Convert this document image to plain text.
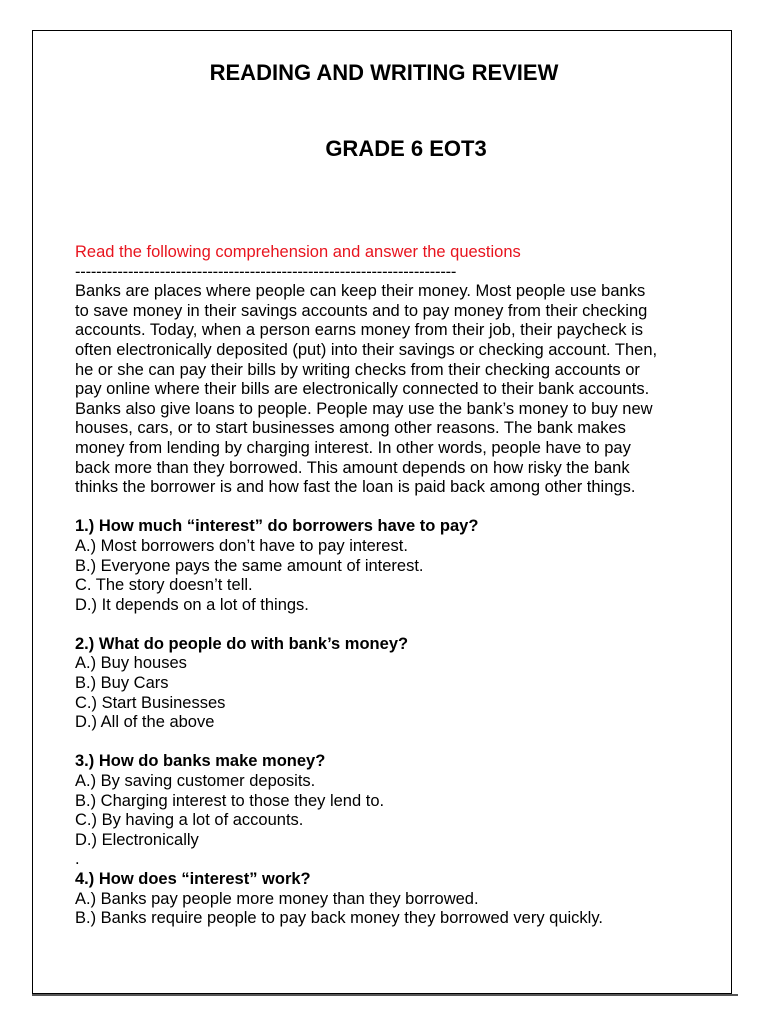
READING AND WRITING REVIEW
GRADE 6 EOT3

Read the following comprehension and answer the questions

------------------------------------------------------------------------

Banks are places where people can keep their money. Most people use banks
to save money in their savings accounts and to pay money from their checking
accounts. Today, when a person earns money from their job, their paycheck is
often electronically deposited (put) into their savings or checking account. Then,
he or she can pay their bills by writing checks from their checking accounts or
pay online where their bills are electronically connected to their bank accounts.
Banks also give loans to people. People may use the bank’s money to buy new
houses, cars, or to start businesses among other reasons. The bank makes
money from lending by charging interest. In other words, people have to pay
back more than they borrowed. This amount depends on how risky the bank
thinks the borrower is and how fast the loan is paid back among other things.

1.) How much “interest” do borrowers have to pay?

A.) Most borrowers don’t have to pay interest.

B.) Everyone pays the same amount of interest.

C. The story doesn’t tell.

D.) It depends on a lot of things.

2.) What do people do with bank’s money?

A.) Buy houses

B.) Buy Cars

C.) Start Businesses

D.) All of the above

3.) How do banks make money?

A.) By saving customer deposits.

B.) Charging interest to those they lend to.

C.) By having a lot of accounts.

D.) Electronically

.

4.) How does “interest” work?

A.) Banks pay people more money than they borrowed.

B.) Banks require people to pay back money they borrowed very quickly.
